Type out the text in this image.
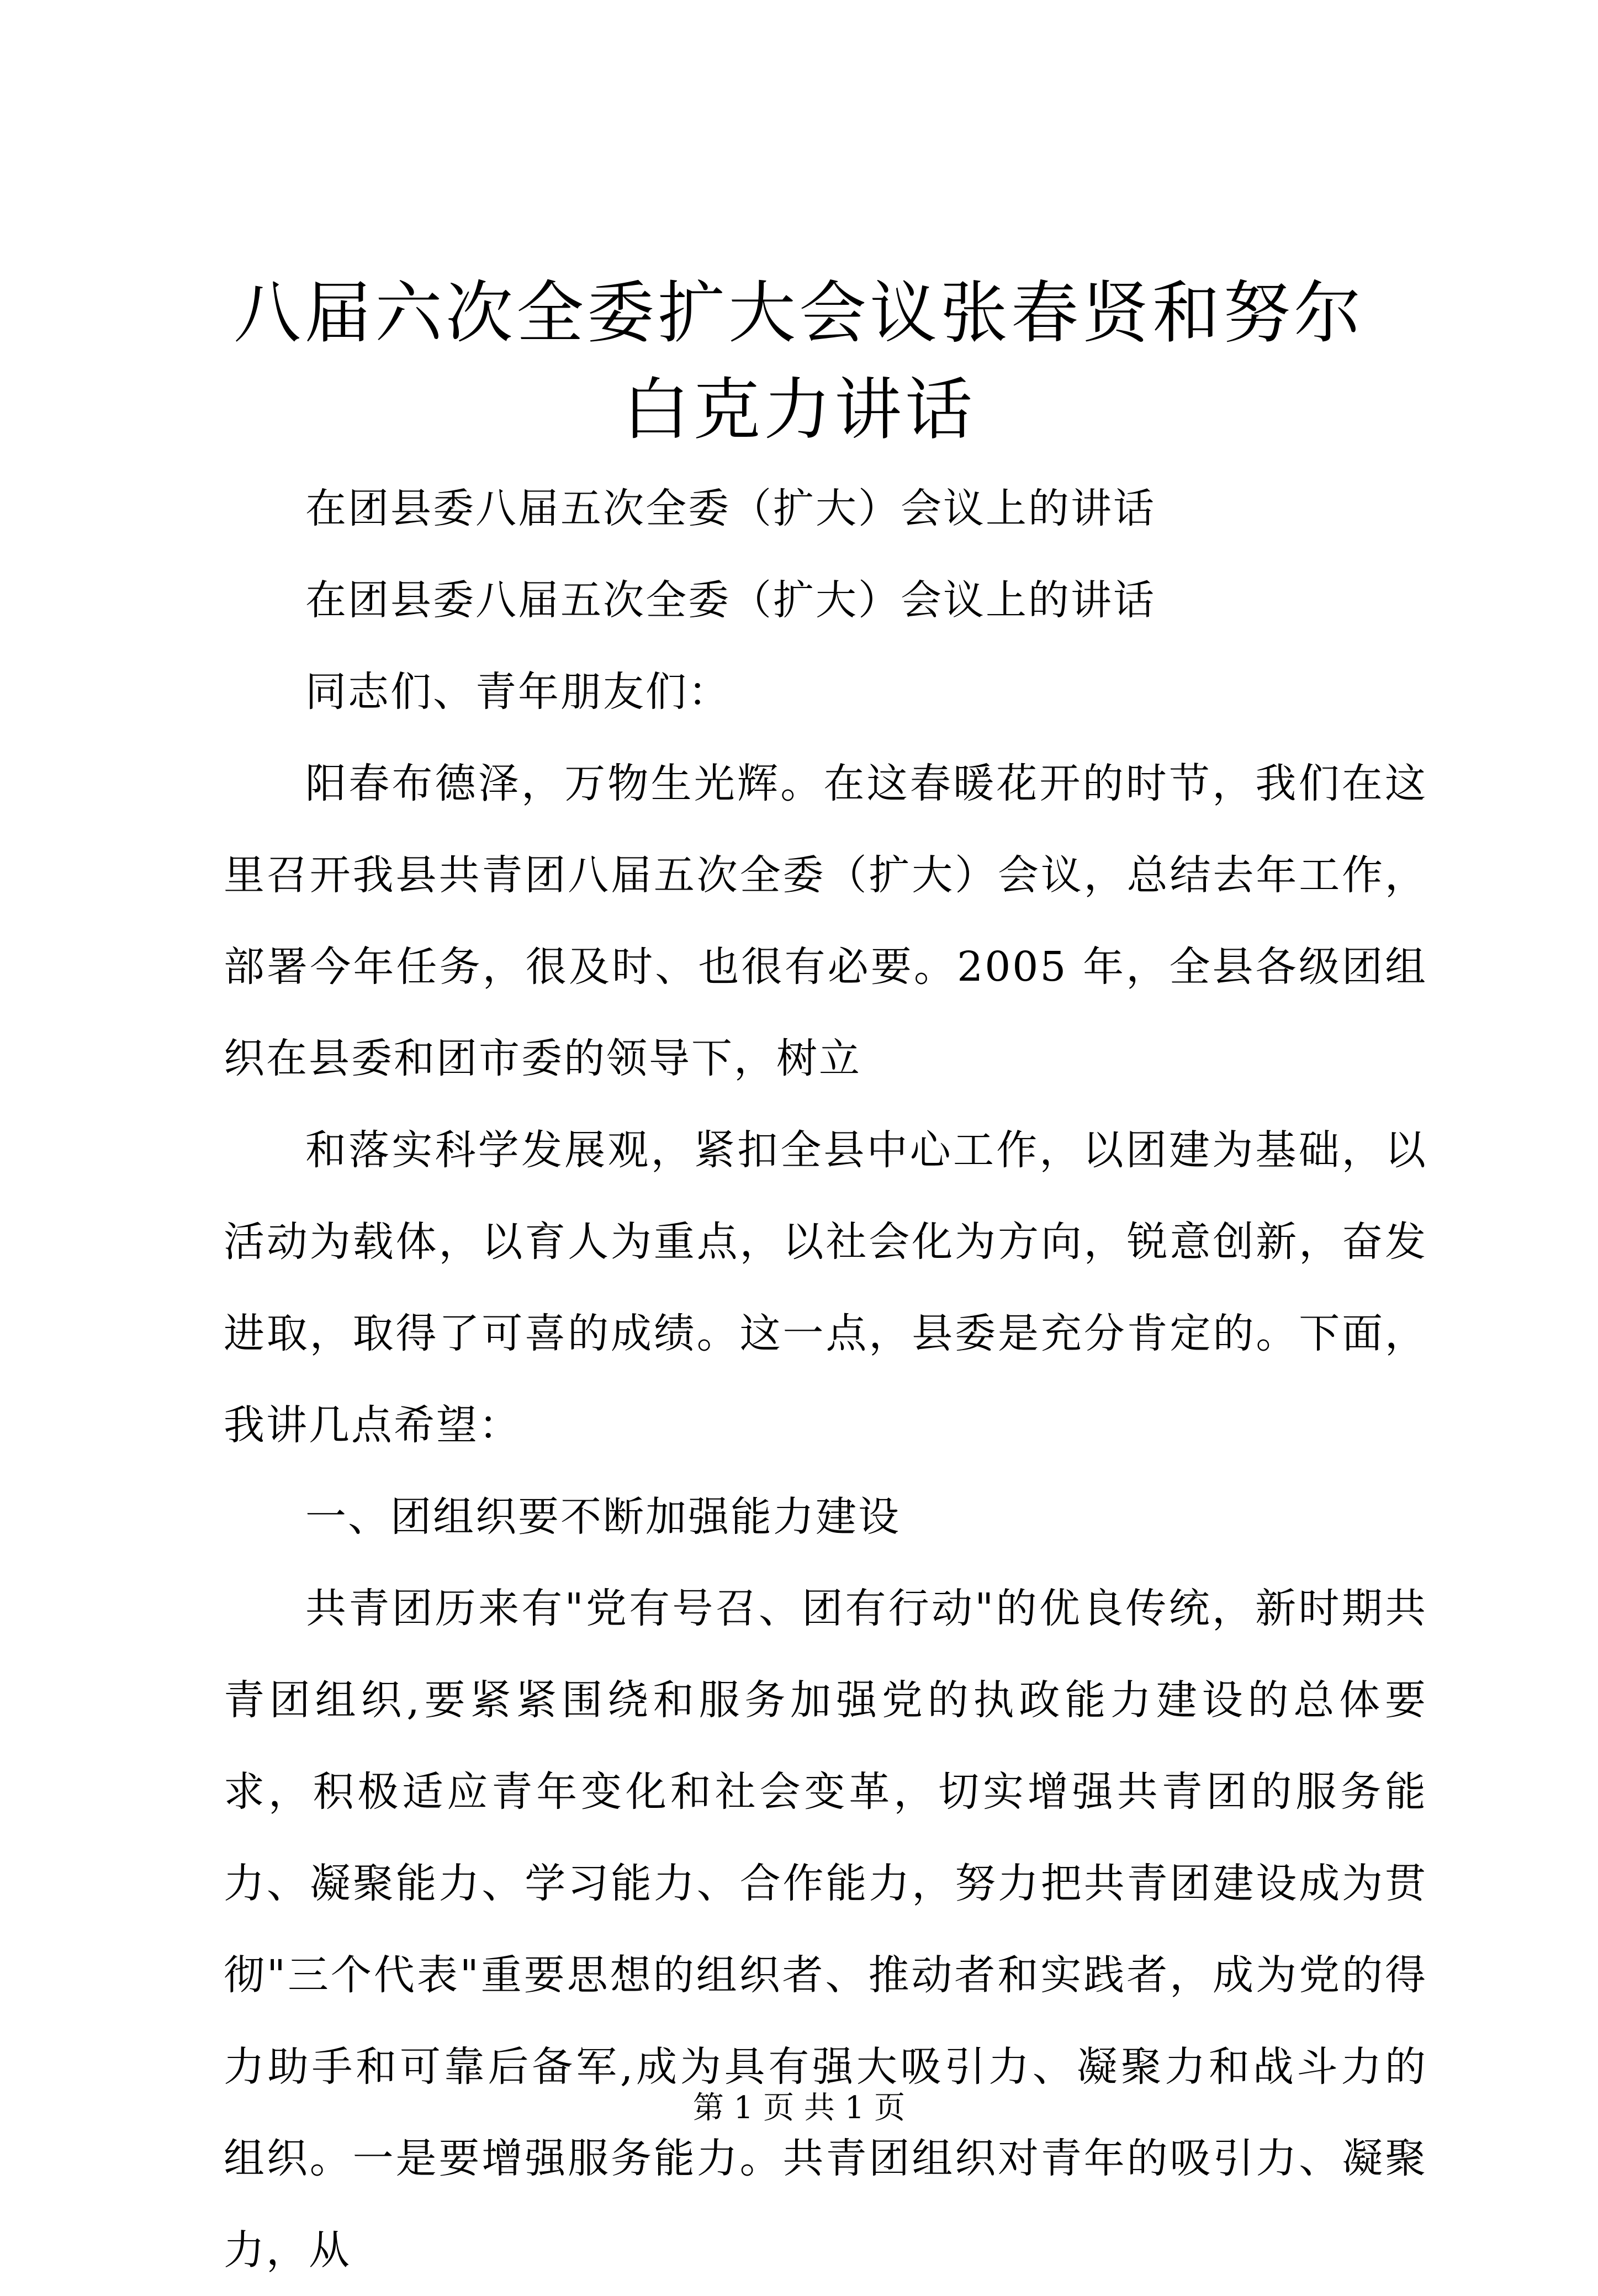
八届六次全委扩大会议张春贤和努尔白克力讲话

在团县委八届五次全委（扩大）会议上的讲话

在团县委八届五次全委（扩大）会议上的讲话

同志们、青年朋友们：

阳春布德泽，万物生光辉。在这春暖花开的时节，我们在这里召开我县共青团八届五次全委（扩大）会议，总结去年工作，部署今年任务，很及时、也很有必要。2005 年，全县各级团组织在县委和团市委的领导下，树立

和落实科学发展观，紧扣全县中心工作，以团建为基础，以活动为载体，以育人为重点，以社会化为方向，锐意创新，奋发进取，取得了可喜的成绩。这一点，县委是充分肯定的。下面，我讲几点希望：

一、团组织要不断加强能力建设

共青团历来有"党有号召、团有行动"的优良传统，新时期共青团组织,要紧紧围绕和服务加强党的执政能力建设的总体要求，积极适应青年变化和社会变革，切实增强共青团的服务能力、凝聚能力、学习能力、合作能力，努力把共青团建设成为贯彻"三个代表"重要思想的组织者、推动者和实践者，成为党的得力助手和可靠后备军,成为具有强大吸引力、凝聚力和战斗力的组织。一是要增强服务能力。共青团组织对青年的吸引力、凝聚力，从

第 1 页 共 1 页
